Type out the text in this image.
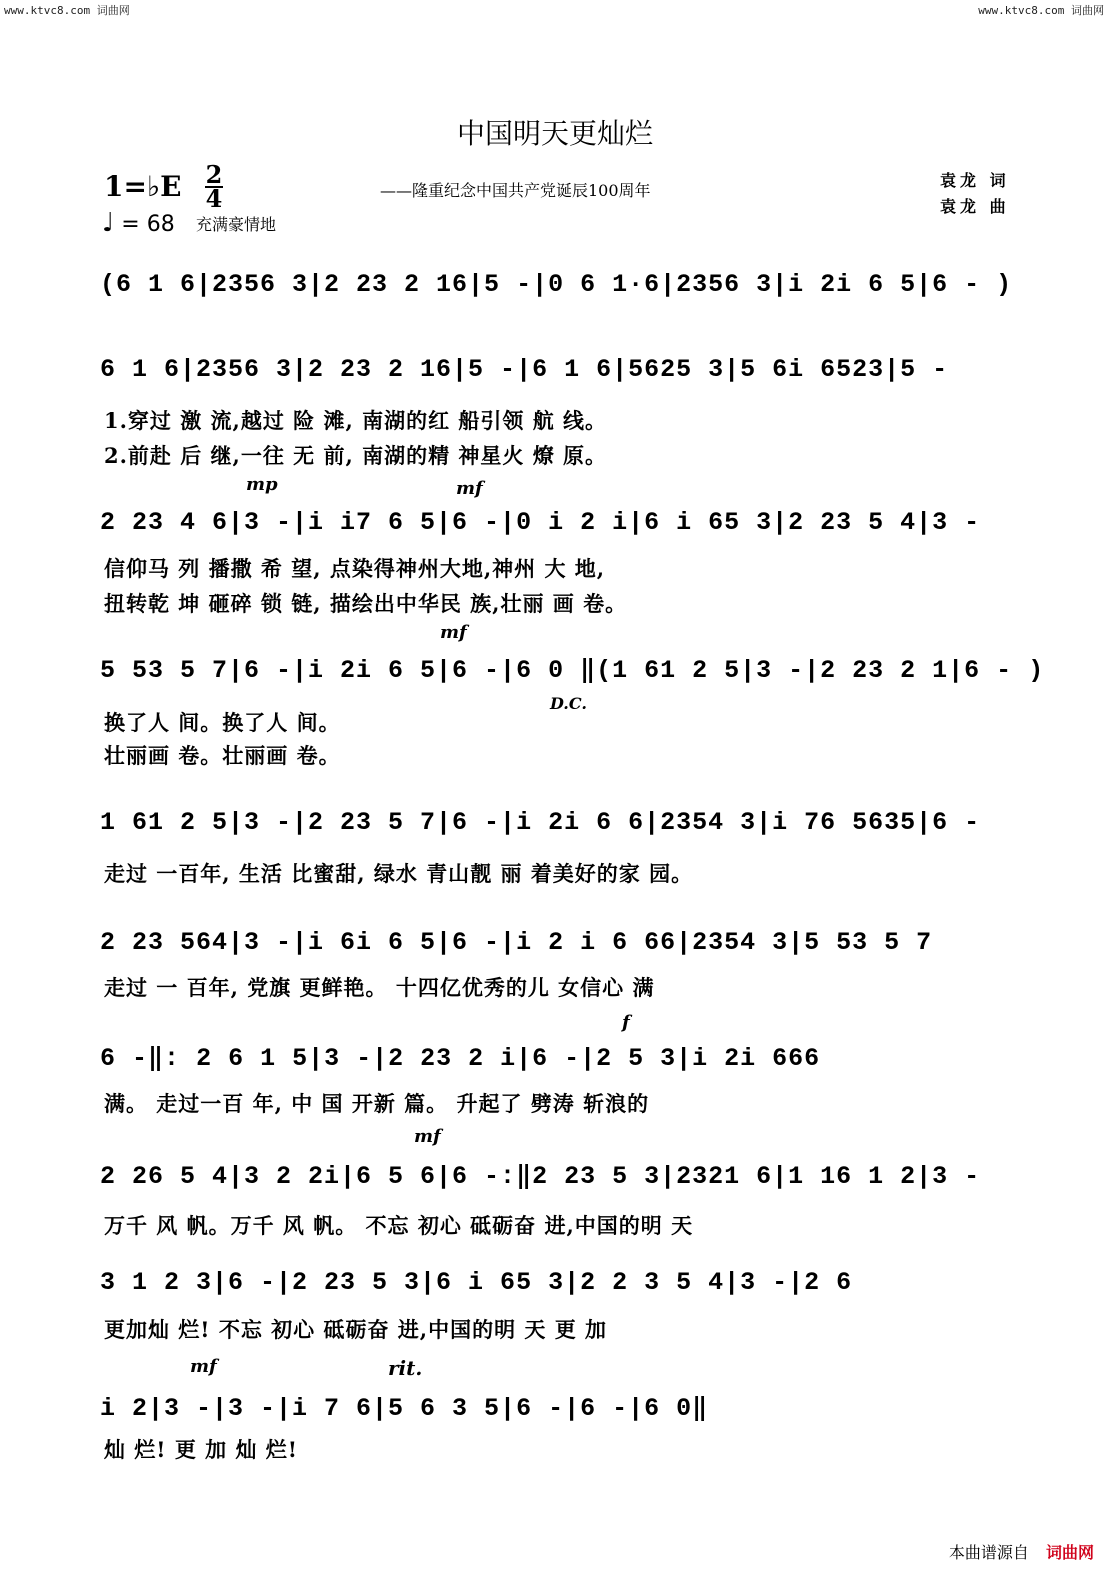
www.ktvc8.com 词曲网	www.ktvc8.com 词曲网
中国明天更灿烂
——隆重纪念中国共产党诞辰100周年
袁龙 词
袁龙 曲
1=♭E 2
4
♩ = 68 充满豪情地
(6 1 6|2356 3|2 23 2 16|5 -|0 6 1·6|2356 3|i 2i 6 5|6 - )
6 1 6|2356 3|2 23 2 16|5 -|6 1 6|5625 3|5 6i 6523|5 -
1.穿过 激 流,越过 险 滩, 南湖的红 船引领 航 线。
2.前赴 后 继,一往 无 前, 南湖的精 神星火 燎 原。
mp	mf
2 23 4 6|3 -|i i7 6 5|6 -|0 i 2 i|6 i 65 3|2 23 5 4|3 -
信仰马 列 播撒 希 望, 点染得神州大地,神州 大 地,
扭转乾 坤 砸碎 锁 链, 描绘出中华民 族,壮丽 画 卷。
mf
5 53 5 7|6 -|i 2i 6 5|6 -|6 0 ‖(1 61 2 5|3 -|2 23 2 1|6 - )
D.C.
换了人 间。换了人 间。
壮丽画 卷。壮丽画 卷。
1 61 2 5|3 -|2 23 5 7|6 -|i 2i 6 6|2354 3|i 76 5635|6 -
走过 一百年, 生活 比蜜甜, 绿水 青山靓 丽 着美好的家 园。
2 23 564|3 -|i 6i 6 5|6 -|i 2 i 6 66|2354 3|5 53 5 7
走过 一 百年, 党旗 更鲜艳。 十四亿优秀的儿 女信心 满
f
6 -‖: 2 6 1 5|3 -|2 23 2 i|6 -|2 5 3|i 2i 666
满。 走过一百 年, 中 国 开新 篇。 升起了 劈涛 斩浪的
mf
2 26 5 4|3 2 2i|6 5 6|6 -:‖2 23 5 3|2321 6|1 16 1 2|3 -
万千 风 帆。万千 风 帆。 不忘 初心 砥砺奋 进,中国的明 天
3 1 2 3|6 -|2 23 5 3|6 i 65 3|2 2 3 5 4|3 -|2 6
更加灿 烂! 不忘 初心 砥砺奋 进,中国的明 天 更 加
mf	rit.
i 2|3 -|3 -|i 7 6|5 6 3 5|6 -|6 -|6 0‖
灿 烂! 更 加 灿 烂!
本曲谱源自 词曲网
